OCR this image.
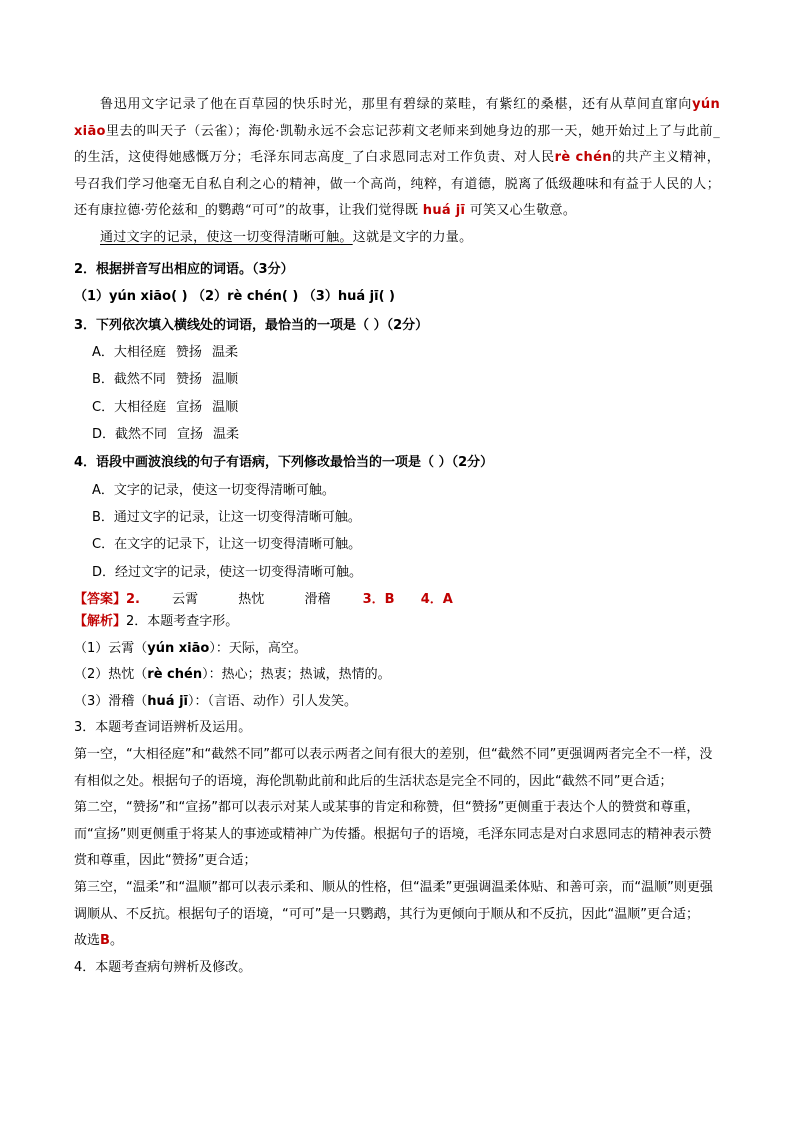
鲁迅用文字记录了他在百草园的快乐时光，那里有碧绿的菜畦，有紫红的桑椹，还有从草间直窜向yún xiāo里去的叫天子（云雀）；海伦·凯勒永远不会忘记莎莉文老师来到她身边的那一天，她开始过上了与此前_的生活，这使得她感慨万分；毛泽东同志高度_了白求恩同志对工作负责、对人民rè chén的共产主义精神，号召我们学习他毫无自私自利之心的精神，做一个高尚，纯粹，有道德，脱离了低级趣味和有益于人民的人；还有康拉德·劳伦兹和_的鹦鹉“可可”的故事，让我们觉得既 huá jī 可笑又心生敬意。

通过文字的记录，使这一切变得清晰可触。这就是文字的力量。

2．根据拼音写出相应的词语。（3分）
（1）yún xiāo( ) （2）rè chén( ) （3）huá jī( )
3．下列依次填入横线处的词语，最恰当的一项是（ ）（2分）
A．大相径庭 赞扬 温柔
B．截然不同 赞扬 温顺
C．大相径庭 宣扬 温顺
D．截然不同 宣扬 温柔
4．语段中画波浪线的句子有语病，下列修改最恰当的一项是（ ）（2分）
A．文字的记录，使这一切变得清晰可触。
B．通过文字的记录，让这一切变得清晰可触。
C．在文字的记录下，让这一切变得清晰可触。
D．经过文字的记录，使这一切变得清晰可触。
【答案】2. 云霄	热忱	滑稽 3．B 4．A

【解析】2．本题考查字形。

（1）云霄（yún xiāo）：天际，高空。

（2）热忱（rè chén）：热心；热衷；热诚，热情的。

（3）滑稽（huá jī）：（言语、动作）引人发笑。

3．本题考查词语辨析及运用。

第一空，“大相径庭”和“截然不同”都可以表示两者之间有很大的差别，但“截然不同”更强调两者完全不一样，没有相似之处。根据句子的语境，海伦凯勒此前和此后的生活状态是完全不同的，因此“截然不同”更合适；

第二空，“赞扬”和“宣扬”都可以表示对某人或某事的肯定和称赞，但“赞扬”更侧重于表达个人的赞赏和尊重，而“宣扬”则更侧重于将某人的事迹或精神广为传播。根据句子的语境，毛泽东同志是对白求恩同志的精神表示赞赏和尊重，因此“赞扬”更合适；

第三空，“温柔”和“温顺”都可以表示柔和、顺从的性格，但“温柔”更强调温柔体贴、和善可亲，而“温顺”则更强调顺从、不反抗。根据句子的语境，“可可”是一只鹦鹉，其行为更倾向于顺从和不反抗，因此“温顺”更合适；

故选B。

4．本题考查病句辨析及修改。
